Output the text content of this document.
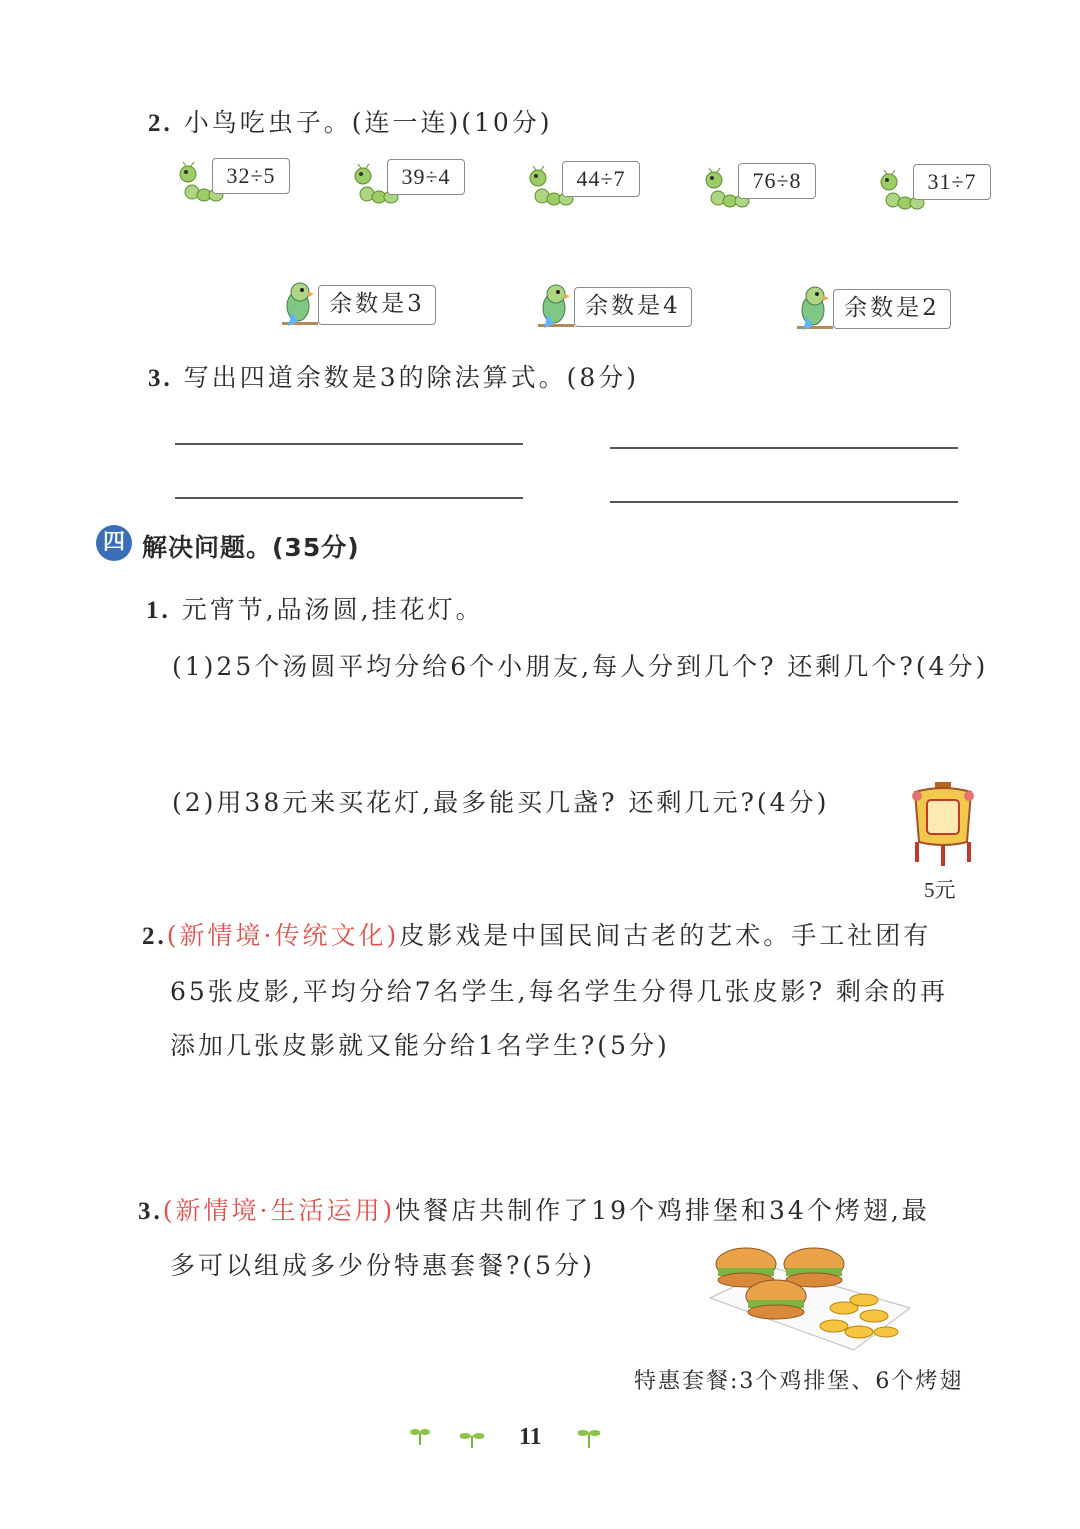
2. 小鸟吃虫子。(连一连)(10分)
32÷5	39÷4	44÷7	76÷8	31÷7
余数是3	余数是4	余数是2
3. 写出四道余数是3的除法算式。(8分)
四 解决问题。(35分)
1. 元宵节,品汤圆,挂花灯。
(1)25个汤圆平均分给6个小朋友,每人分到几个? 还剩几个?(4分)
(2)用38元来买花灯,最多能买几盏? 还剩几元?(4分)
5元
2.(新情境·传统文化)皮影戏是中国民间古老的艺术。手工社团有
65张皮影,平均分给7名学生,每名学生分得几张皮影? 剩余的再
添加几张皮影就又能分给1名学生?(5分)
3.(新情境·生活运用)快餐店共制作了19个鸡排堡和34个烤翅,最
多可以组成多少份特惠套餐?(5分)
特惠套餐:3个鸡排堡、6个烤翅
11
